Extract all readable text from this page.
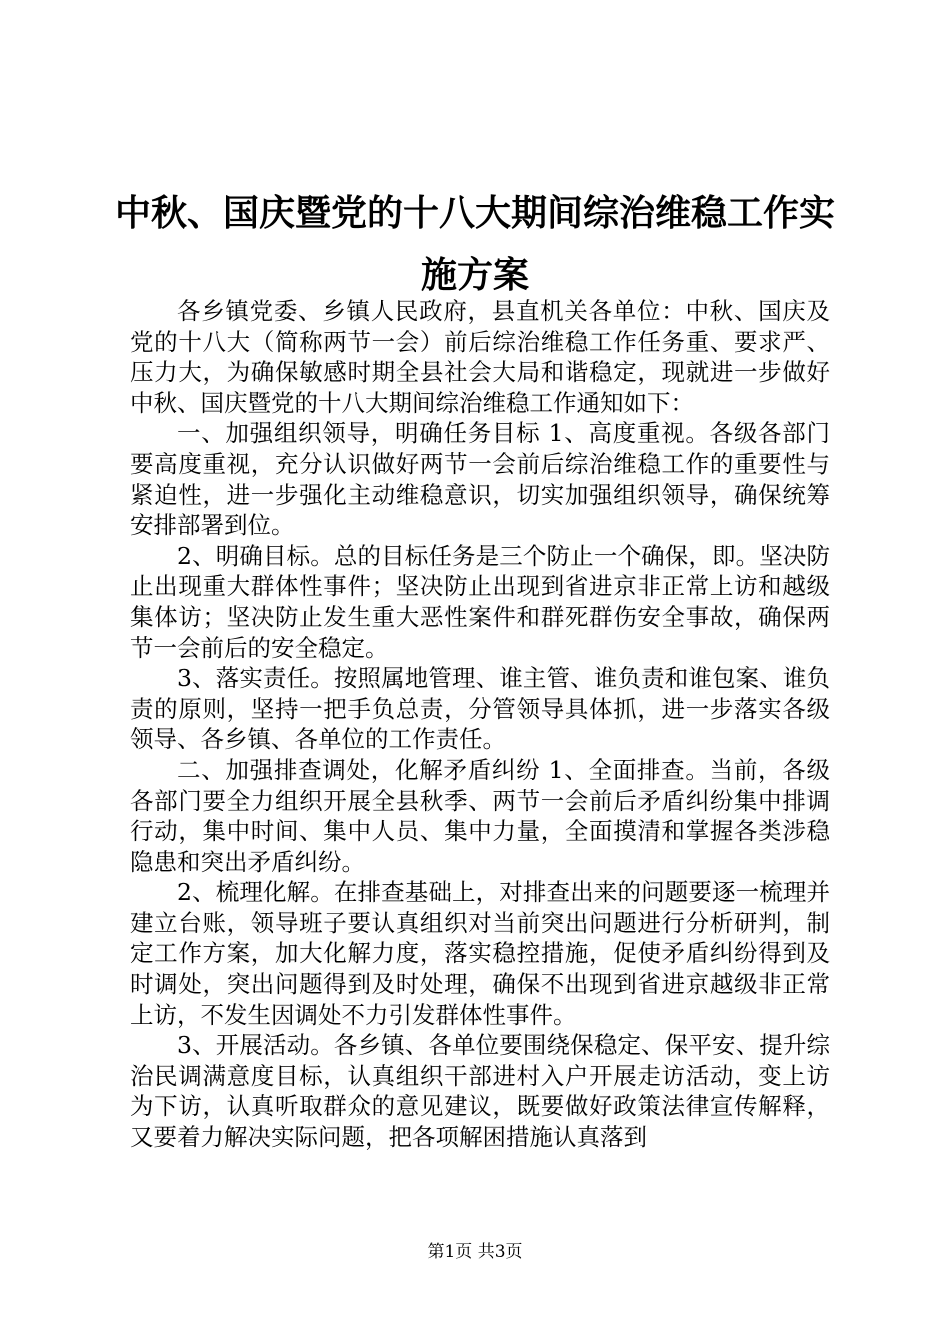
中秋、国庆暨党的十八大期间综治维稳工作实
施方案

各乡镇党委、乡镇人民政府，县直机关各单位：中秋、国庆及党的十八大（简称两节一会）前后综治维稳工作任务重、要求严、压力大，为确保敏感时期全县社会大局和谐稳定，现就进一步做好中秋、国庆暨党的十八大期间综治维稳工作通知如下：

一、加强组织领导，明确任务目标 1、高度重视。各级各部门要高度重视，充分认识做好两节一会前后综治维稳工作的重要性与紧迫性，进一步强化主动维稳意识，切实加强组织领导，确保统筹安排部署到位。

2、明确目标。总的目标任务是三个防止一个确保，即。坚决防止出现重大群体性事件；坚决防止出现到省进京非正常上访和越级集体访；坚决防止发生重大恶性案件和群死群伤安全事故，确保两节一会前后的安全稳定。

3、落实责任。按照属地管理、谁主管、谁负责和谁包案、谁负责的原则，坚持一把手负总责，分管领导具体抓，进一步落实各级领导、各乡镇、各单位的工作责任。

二、加强排查调处，化解矛盾纠纷 1、全面排查。当前，各级各部门要全力组织开展全县秋季、两节一会前后矛盾纠纷集中排调行动，集中时间、集中人员、集中力量，全面摸清和掌握各类涉稳隐患和突出矛盾纠纷。

2、梳理化解。在排查基础上，对排查出来的问题要逐一梳理并建立台账，领导班子要认真组织对当前突出问题进行分析研判，制定工作方案，加大化解力度，落实稳控措施，促使矛盾纠纷得到及时调处，突出问题得到及时处理，确保不出现到省进京越级非正常上访，不发生因调处不力引发群体性事件。

3、开展活动。各乡镇、各单位要围绕保稳定、保平安、提升综治民调满意度目标，认真组织干部进村入户开展走访活动，变上访为下访，认真听取群众的意见建议，既要做好政策法律宣传解释，又要着力解决实际问题，把各项解困措施认真落到

第1页 共3页
